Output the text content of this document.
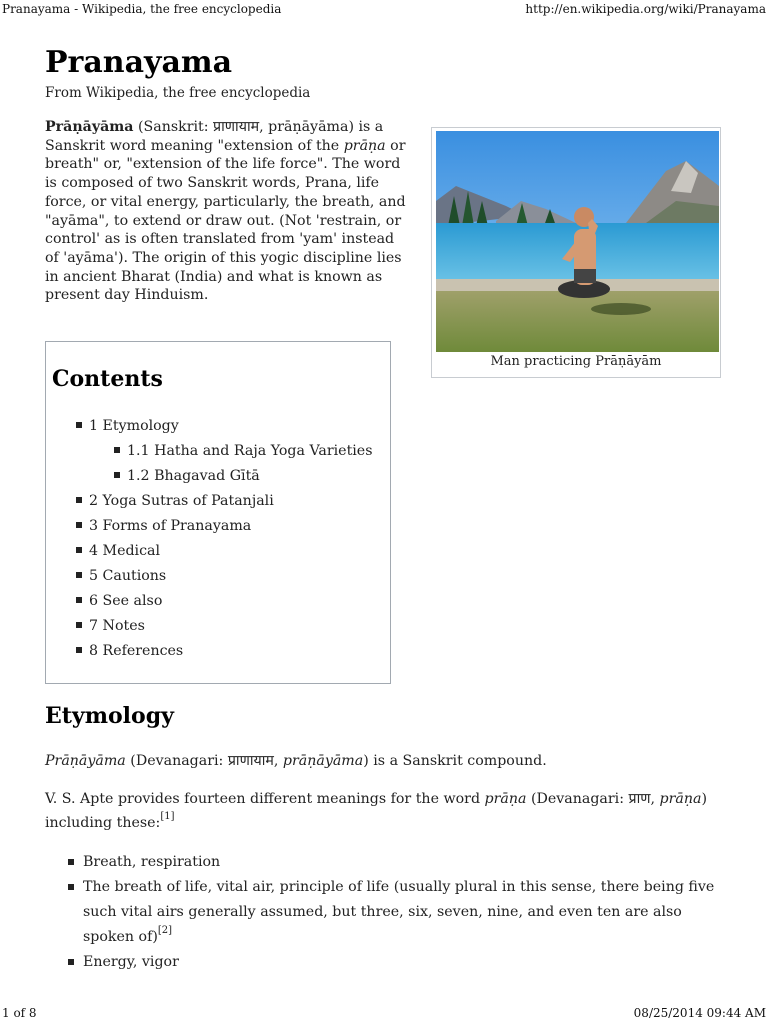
Pranayama - Wikipedia, the free encyclopedia	http://en.wikipedia.org/wiki/Pranayama
Pranayama
From Wikipedia, the free encyclopedia

Prāṇāyāma (Sanskrit: प्राणायाम, prāṇāyāma) is a Sanskrit word meaning "extension of the prāṇa or breath" or, "extension of the life force". The word is composed of two Sanskrit words, Prana, life force, or vital energy, particularly, the breath, and "ayāma", to extend or draw out. (Not 'restrain, or control' as is often translated from 'yam' instead of 'ayāma'). The origin of this yogic discipline lies in ancient Bharat (India) and what is known as present day Hinduism.

Man practicing Prāṇāyām
Contents
1 Etymology
1.1 Hatha and Raja Yoga Varieties
1.2 Bhagavad Gītā
2 Yoga Sutras of Patanjali
3 Forms of Pranayama
4 Medical
5 Cautions
6 See also
7 Notes
8 References
Etymology

Prāṇāyāma (Devanagari: प्राणायाम, prāṇāyāma) is a Sanskrit compound.

V. S. Apte provides fourteen different meanings for the word prāṇa (Devanagari: प्राण, prāṇa) including these:[1]

Breath, respiration
The breath of life, vital air, principle of life (usually plural in this sense, there being five such vital airs generally assumed, but three, six, seven, nine, and even ten are also spoken of)[2]
Energy, vigor
1 of 8	08/25/2014 09:44 AM
